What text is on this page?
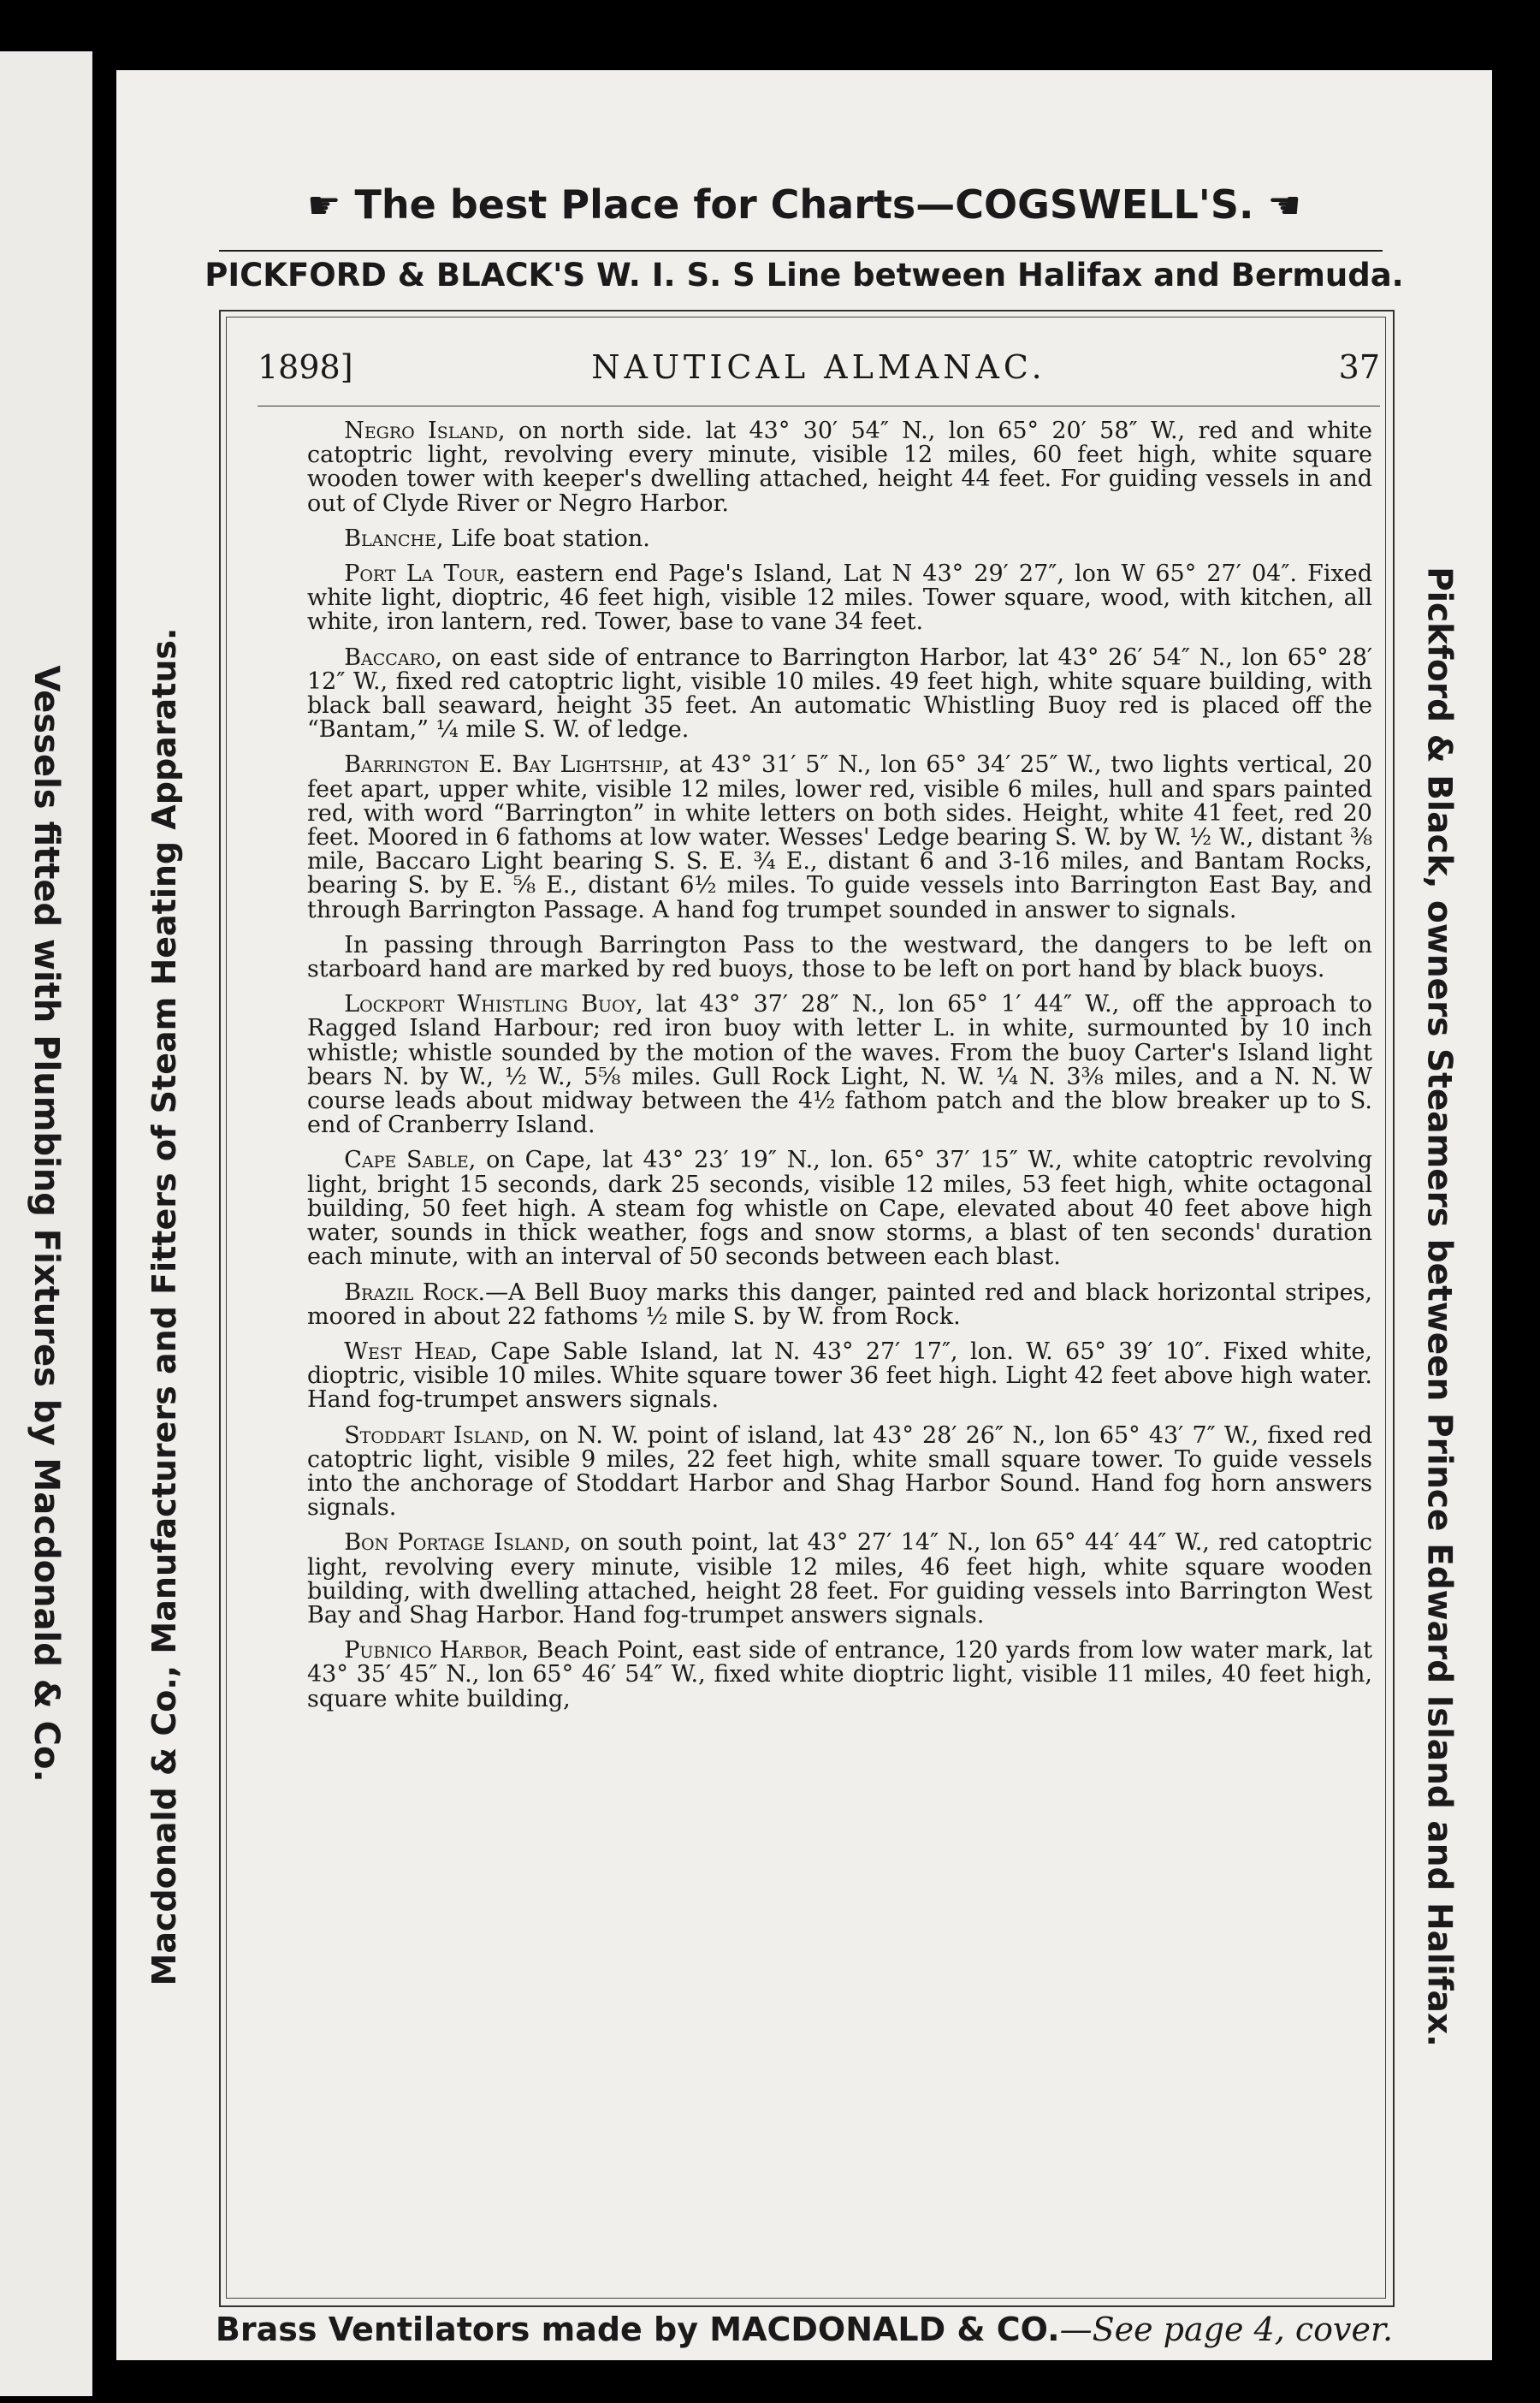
Vessels fitted with Plumbing Fixtures by Macdonald & Co.
☛ The best Place for Charts—COGSWELL'S. ☚
PICKFORD & BLACK'S W. I. S. S Line between Halifax and Bermuda.
Macdonald & Co., Manufacturers and Fitters of Steam Heating Apparatus.	Pickford & Black, owners Steamers between Prince Edward Island and Halifax.
1898]	NAUTICAL ALMANAC.	37

Negro Island, on north side. lat 43° 30′ 54″ N., lon 65° 20′ 58″ W., red and white catoptric light, revolving every minute, visible 12 miles, 60 feet high, white square wooden tower with keeper's dwelling attached, height 44 feet. For guiding vessels in and out of Clyde River or Negro Harbor.

Blanche, Life boat station.

Port La Tour, eastern end Page's Island, Lat N 43° 29′ 27″, lon W 65° 27′ 04″. Fixed white light, dioptric, 46 feet high, visible 12 miles. Tower square, wood, with kitchen, all white, iron lantern, red. Tower, base to vane 34 feet.

Baccaro, on east side of entrance to Barrington Harbor, lat 43° 26′ 54″ N., lon 65° 28′ 12″ W., fixed red catoptric light, visible 10 miles. 49 feet high, white square building, with black ball seaward, height 35 feet. An automatic Whistling Buoy red is placed off the “Bantam,” ¼ mile S. W. of ledge.

Barrington E. Bay Lightship, at 43° 31′ 5″ N., lon 65° 34′ 25″ W., two lights vertical, 20 feet apart, upper white, visible 12 miles, lower red, visible 6 miles, hull and spars painted red, with word “Barrington” in white letters on both sides. Height, white 41 feet, red 20 feet. Moored in 6 fathoms at low water. Wesses' Ledge bearing S. W. by W. ½ W., distant ⅜ mile, Baccaro Light bearing S. S. E. ¾ E., distant 6 and 3-16 miles, and Bantam Rocks, bearing S. by E. ⅝ E., distant 6½ miles. To guide vessels into Barrington East Bay, and through Barrington Passage. A hand fog trumpet sounded in answer to signals.

In passing through Barrington Pass to the westward, the dangers to be left on starboard hand are marked by red buoys, those to be left on port hand by black buoys.

Lockport Whistling Buoy, lat 43° 37′ 28″ N., lon 65° 1′ 44″ W., off the approach to Ragged Island Harbour; red iron buoy with letter L. in white, surmounted by 10 inch whistle; whistle sounded by the motion of the waves. From the buoy Carter's Island light bears N. by W., ½ W., 5⅝ miles. Gull Rock Light, N. W. ¼ N. 3⅜ miles, and a N. N. W course leads about midway between the 4½ fathom patch and the blow breaker up to S. end of Cranberry Island.

Cape Sable, on Cape, lat 43° 23′ 19″ N., lon. 65° 37′ 15″ W., white catoptric revolving light, bright 15 seconds, dark 25 seconds, visible 12 miles, 53 feet high, white octagonal building, 50 feet high. A steam fog whistle on Cape, elevated about 40 feet above high water, sounds in thick weather, fogs and snow storms, a blast of ten seconds' duration each minute, with an interval of 50 seconds between each blast.

Brazil Rock.—A Bell Buoy marks this danger, painted red and black horizontal stripes, moored in about 22 fathoms ½ mile S. by W. from Rock.

West Head, Cape Sable Island, lat N. 43° 27′ 17″, lon. W. 65° 39′ 10″. Fixed white, dioptric, visible 10 miles. White square tower 36 feet high. Light 42 feet above high water. Hand fog-trumpet answers signals.

Stoddart Island, on N. W. point of island, lat 43° 28′ 26″ N., lon 65° 43′ 7″ W., fixed red catoptric light, visible 9 miles, 22 feet high, white small square tower. To guide vessels into the anchorage of Stoddart Harbor and Shag Harbor Sound. Hand fog horn answers signals.

Bon Portage Island, on south point, lat 43° 27′ 14″ N., lon 65° 44′ 44″ W., red catoptric light, revolving every minute, visible 12 miles, 46 feet high, white square wooden building, with dwelling attached, height 28 feet. For guiding vessels into Barrington West Bay and Shag Harbor. Hand fog-trumpet answers signals.

Pubnico Harbor, Beach Point, east side of entrance, 120 yards from low water mark, lat 43° 35′ 45″ N., lon 65° 46′ 54″ W., fixed white dioptric light, visible 11 miles, 40 feet high, square white building,

Brass Ventilators made by MACDONALD & CO.—See page 4, cover.
